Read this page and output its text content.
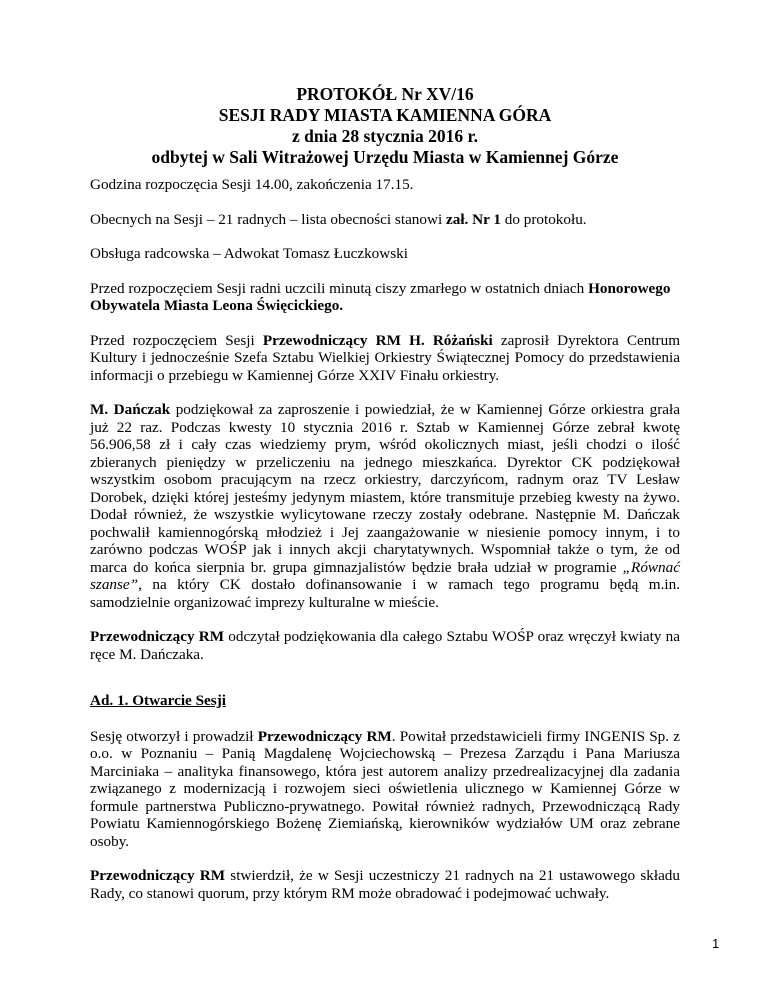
PROTOKÓŁ Nr XV/16
SESJI RADY MIASTA KAMIENNA GÓRA
z dnia 28 stycznia 2016 r.
odbytej w Sali Witrażowej Urzędu Miasta w Kamiennej Górze

Godzina rozpoczęcia Sesji 14.00, zakończenia 17.15.

Obecnych na Sesji – 21 radnych – lista obecności stanowi zał. Nr 1 do protokołu.

Obsługa radcowska – Adwokat Tomasz Łuczkowski

Przed rozpoczęciem Sesji radni uczcili minutą ciszy zmarłego w ostatnich dniach Honorowego Obywatela Miasta Leona Święcickiego.

Przed rozpoczęciem Sesji Przewodniczący RM H. Różański zaprosił Dyrektora Centrum Kultury i jednocześnie Szefa Sztabu Wielkiej Orkiestry Świątecznej Pomocy do przedstawienia informacji o przebiegu w Kamiennej Górze XXIV Finału orkiestry.

M. Dańczak podziękował za zaproszenie i powiedział, że w Kamiennej Górze orkiestra grała już 22 raz. Podczas kwesty 10 stycznia 2016 r. Sztab w Kamiennej Górze zebrał kwotę 56.906,58 zł i cały czas wiedziemy prym, wśród okolicznych miast, jeśli chodzi o ilość zbieranych pieniędzy w przeliczeniu na jednego mieszkańca. Dyrektor CK podziękował wszystkim osobom pracującym na rzecz orkiestry, darczyńcom, radnym oraz TV Lesław Dorobek, dzięki której jesteśmy jedynym miastem, które transmituje przebieg kwesty na żywo. Dodał również, że wszystkie wylicytowane rzeczy zostały odebrane. Następnie M. Dańczak pochwalił kamiennogórską młodzież i Jej zaangażowanie w niesienie pomocy innym, i to zarówno podczas WOŚP jak i innych akcji charytatywnych. Wspomniał także o tym, że od marca do końca sierpnia br. grupa gimnazjalistów będzie brała udział w programie „Równać szanse”, na który CK dostało dofinansowanie i w ramach tego programu będą m.in. samodzielnie organizować imprezy kulturalne w mieście.

Przewodniczący RM odczytał podziękowania dla całego Sztabu WOŚP oraz wręczył kwiaty na ręce M. Dańczaka.

Ad. 1. Otwarcie Sesji

Sesję otworzył i prowadził Przewodniczący RM. Powitał przedstawicieli firmy INGENIS Sp. z o.o. w Poznaniu – Panią Magdalenę Wojciechowską – Prezesa Zarządu i Pana Mariusza Marciniaka – analityka finansowego, która jest autorem analizy przedrealizacyjnej dla zadania związanego z modernizacją i rozwojem sieci oświetlenia ulicznego w Kamiennej Górze w formule partnerstwa Publiczno-prywatnego. Powitał również radnych, Przewodniczącą Rady Powiatu Kamiennogórskiego Bożenę Ziemiańską, kierowników wydziałów UM oraz zebrane osoby.

Przewodniczący RM stwierdził, że w Sesji uczestniczy 21 radnych na 21 ustawowego składu Rady, co stanowi quorum, przy którym RM może obradować i podejmować uchwały.

1
